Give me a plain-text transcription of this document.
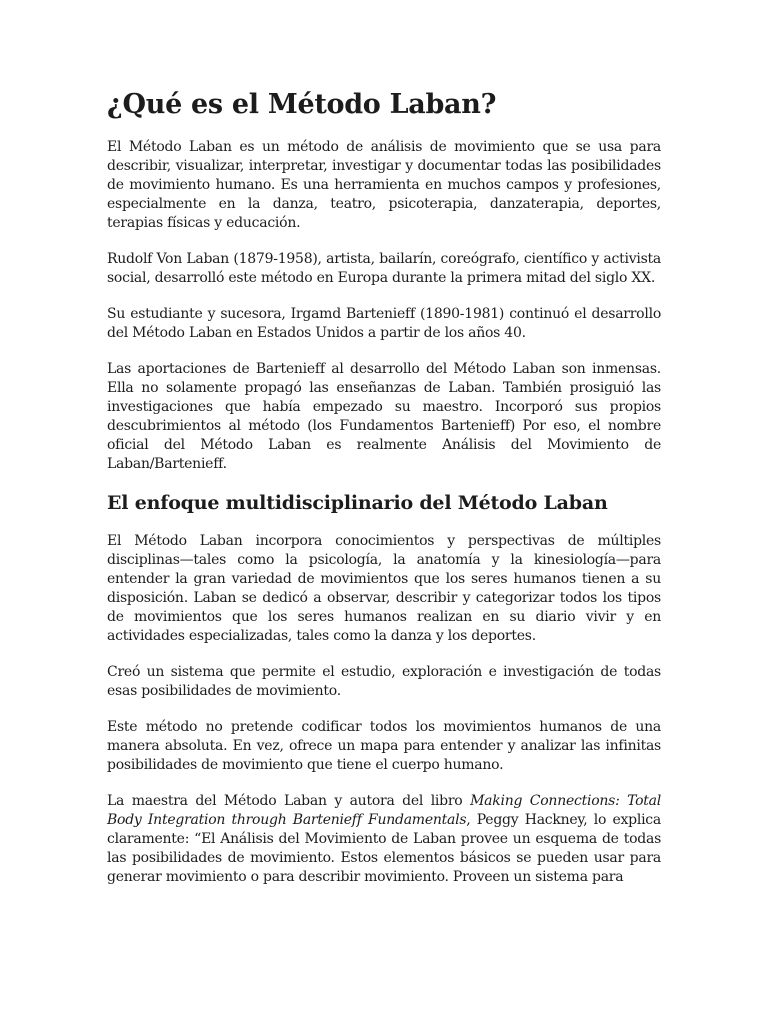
¿Qué es el Método Laban?

El Método Laban es un método de análisis de movimiento que se usa para describir, visualizar, interpretar, investigar y documentar todas las posibilidades de movimiento humano. Es una herramienta en muchos campos y profesiones, especialmente en la danza, teatro, psicoterapia, danzaterapia, deportes, terapias físicas y educación.

Rudolf Von Laban (1879-1958), artista, bailarín, coreógrafo, científico y activista social, desarrolló este método en Europa durante la primera mitad del siglo XX.

Su estudiante y sucesora, Irgamd Bartenieff (1890-1981) continuó el desarrollo del Método Laban en Estados Unidos a partir de los años 40.

Las aportaciones de Bartenieff al desarrollo del Método Laban son inmensas. Ella no solamente propagó las enseñanzas de Laban. También prosiguió las investigaciones que había empezado su maestro. Incorporó sus propios descubrimientos al método (los Fundamentos Bartenieff) Por eso, el nombre oficial del Método Laban es realmente Análisis del Movimiento de Laban/Bartenieff.

El enfoque multidisciplinario del Método Laban

El Método Laban incorpora conocimientos y perspectivas de múltiples disciplinas—tales como la psicología, la anatomía y la kinesiología—para entender la gran variedad de movimientos que los seres humanos tienen a su disposición. Laban se dedicó a observar, describir y categorizar todos los tipos de movimientos que los seres humanos realizan en su diario vivir y en actividades especializadas, tales como la danza y los deportes.

Creó un sistema que permite el estudio, exploración e investigación de todas esas posibilidades de movimiento.

Este método no pretende codificar todos los movimientos humanos de una manera absoluta. En vez, ofrece un mapa para entender y analizar las infinitas posibilidades de movimiento que tiene el cuerpo humano.

La maestra del Método Laban y autora del libro Making Connections: Total Body Integration through Bartenieff Fundamentals, Peggy Hackney, lo explica claramente: “El Análisis del Movimiento de Laban provee un esquema de todas las posibilidades de movimiento. Estos elementos básicos se pueden usar para generar movimiento o para describir movimiento. Proveen un sistema para
